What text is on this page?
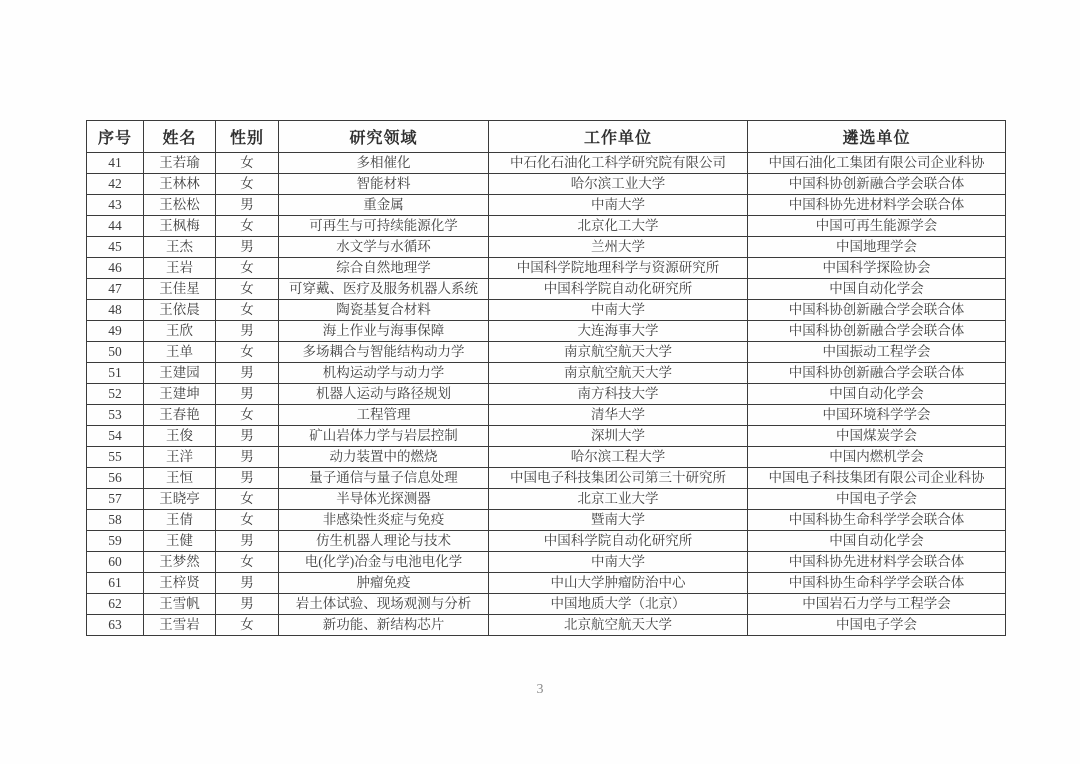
序号	姓名	性别	研究领域	工作单位	遴选单位
41	王若瑜	女	多相催化	中石化石油化工科学研究院有限公司	中国石油化工集团有限公司企业科协
42	王林林	女	智能材料	哈尔滨工业大学	中国科协创新融合学会联合体
43	王松松	男	重金属	中南大学	中国科协先进材料学会联合体
44	王枫梅	女	可再生与可持续能源化学	北京化工大学	中国可再生能源学会
45	王杰	男	水文学与水循环	兰州大学	中国地理学会
46	王岩	女	综合自然地理学	中国科学院地理科学与资源研究所	中国科学探险协会
47	王佳星	女	可穿戴、医疗及服务机器人系统	中国科学院自动化研究所	中国自动化学会
48	王依晨	女	陶瓷基复合材料	中南大学	中国科协创新融合学会联合体
49	王欣	男	海上作业与海事保障	大连海事大学	中国科协创新融合学会联合体
50	王单	女	多场耦合与智能结构动力学	南京航空航天大学	中国振动工程学会
51	王建园	男	机构运动学与动力学	南京航空航天大学	中国科协创新融合学会联合体
52	王建坤	男	机器人运动与路径规划	南方科技大学	中国自动化学会
53	王春艳	女	工程管理	清华大学	中国环境科学学会
54	王俊	男	矿山岩体力学与岩层控制	深圳大学	中国煤炭学会
55	王洋	男	动力装置中的燃烧	哈尔滨工程大学	中国内燃机学会
56	王恒	男	量子通信与量子信息处理	中国电子科技集团公司第三十研究所	中国电子科技集团有限公司企业科协
57	王晓亭	女	半导体光探测器	北京工业大学	中国电子学会
58	王倩	女	非感染性炎症与免疫	暨南大学	中国科协生命科学学会联合体
59	王健	男	仿生机器人理论与技术	中国科学院自动化研究所	中国自动化学会
60	王梦然	女	电(化学)冶金与电池电化学	中南大学	中国科协先进材料学会联合体
61	王梓贤	男	肿瘤免疫	中山大学肿瘤防治中心	中国科协生命科学学会联合体
62	王雪帆	男	岩土体试验、现场观测与分析	中国地质大学（北京）	中国岩石力学与工程学会
63	王雪岩	女	新功能、新结构芯片	北京航空航天大学	中国电子学会
3
